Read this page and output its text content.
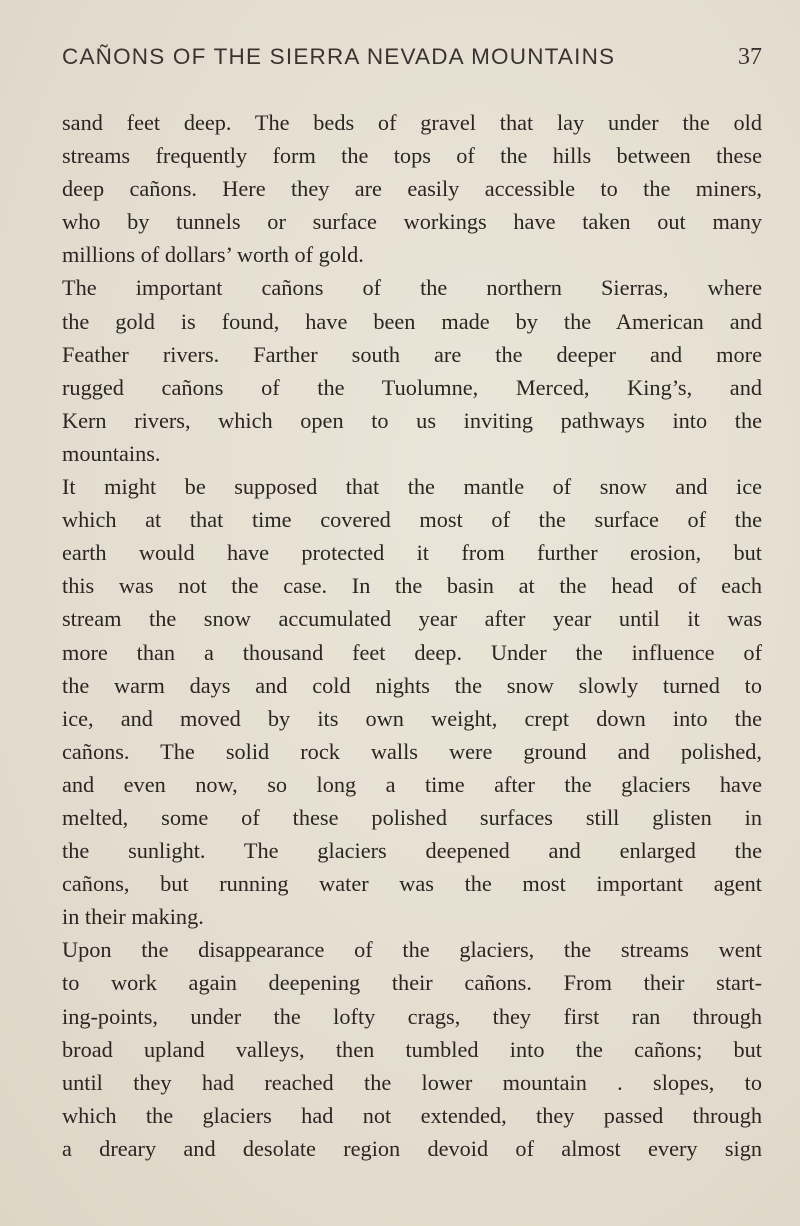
CAÑONS OF THE SIERRA NEVADA MOUNTAINS	37
sand feet deep. The beds of gravel that lay under the old
streams frequently form the tops of the hills between these
deep cañons. Here they are easily accessible to the miners,
who by tunnels or surface workings have taken out many
millions of dollars’ worth of gold.
The important cañons of the northern Sierras, where
the gold is found, have been made by the American and
Feather rivers. Farther south are the deeper and more
rugged cañons of the Tuolumne, Merced, King’s, and
Kern rivers, which open to us inviting pathways into the
mountains.
It might be supposed that the mantle of snow and ice
which at that time covered most of the surface of the
earth would have protected it from further erosion, but
this was not the case. In the basin at the head of each
stream the snow accumulated year after year until it was
more than a thousand feet deep. Under the influence of
the warm days and cold nights the snow slowly turned to
ice, and moved by its own weight, crept down into the
cañons. The solid rock walls were ground and polished,
and even now, so long a time after the glaciers have
melted, some of these polished surfaces still glisten in
the sunlight. The glaciers deepened and enlarged the
cañons, but running water was the most important agent
in their making.
Upon the disappearance of the glaciers, the streams went
to work again deepening their cañons. From their start-
ing-points, under the lofty crags, they first ran through
broad upland valleys, then tumbled into the cañons; but
until they had reached the lower mountain . slopes, to
which the glaciers had not extended, they passed through
a dreary and desolate region devoid of almost every sign
